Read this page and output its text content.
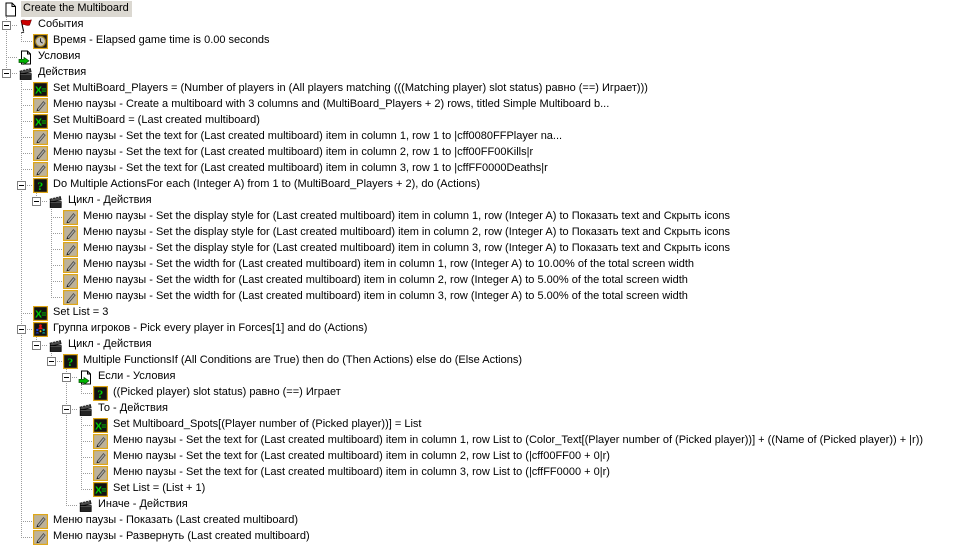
Create the Multiboard
События
Время - Elapsed game time is 0.00 seconds
Условия
Действия
X = Set MultiBoard_Players = (Number of players in (All players matching (((Matching player) slot status) равно (==) Играет)))
Меню паузы - Create a multiboard with 3 columns and (MultiBoard_Players + 2) rows, titled Simple Multiboard b...
X = Set MultiBoard = (Last created multiboard)
Меню паузы - Set the text for (Last created multiboard) item in column 1, row 1 to |cff0080FFPlayer na...
Меню паузы - Set the text for (Last created multiboard) item in column 2, row 1 to |cff00FF00Kills|r
Меню паузы - Set the text for (Last created multiboard) item in column 3, row 1 to |cffFF0000Deaths|r
? Do Multiple ActionsFor each (Integer A) from 1 to (MultiBoard_Players + 2), do (Actions)
Цикл - Действия
Меню паузы - Set the display style for (Last created multiboard) item in column 1, row (Integer A) to Показать text and Скрыть icons
Меню паузы - Set the display style for (Last created multiboard) item in column 2, row (Integer A) to Показать text and Скрыть icons
Меню паузы - Set the display style for (Last created multiboard) item in column 3, row (Integer A) to Показать text and Скрыть icons
Меню паузы - Set the width for (Last created multiboard) item in column 1, row (Integer A) to 10.00% of the total screen width
Меню паузы - Set the width for (Last created multiboard) item in column 2, row (Integer A) to 5.00% of the total screen width
Меню паузы - Set the width for (Last created multiboard) item in column 3, row (Integer A) to 5.00% of the total screen width
X = Set List = 3
Группа игроков - Pick every player in Forces[1] and do (Actions)
Цикл - Действия
? Multiple FunctionsIf (All Conditions are True) then do (Then Actions) else do (Else Actions)
Если - Условия
? ((Picked player) slot status) равно (==) Играет
То - Действия
X = Set Multiboard_Spots[(Player number of (Picked player))] = List
Меню паузы - Set the text for (Last created multiboard) item in column 1, row List to (Color_Text[(Player number of (Picked player))] + ((Name of (Picked player)) + |r))
Меню паузы - Set the text for (Last created multiboard) item in column 2, row List to (|cff00FF00 + 0|r)
Меню паузы - Set the text for (Last created multiboard) item in column 3, row List to (|cffFF0000 + 0|r)
X = Set List = (List + 1)
Иначе - Действия
Меню паузы - Показать (Last created multiboard)
Меню паузы - Развернуть (Last created multiboard)
